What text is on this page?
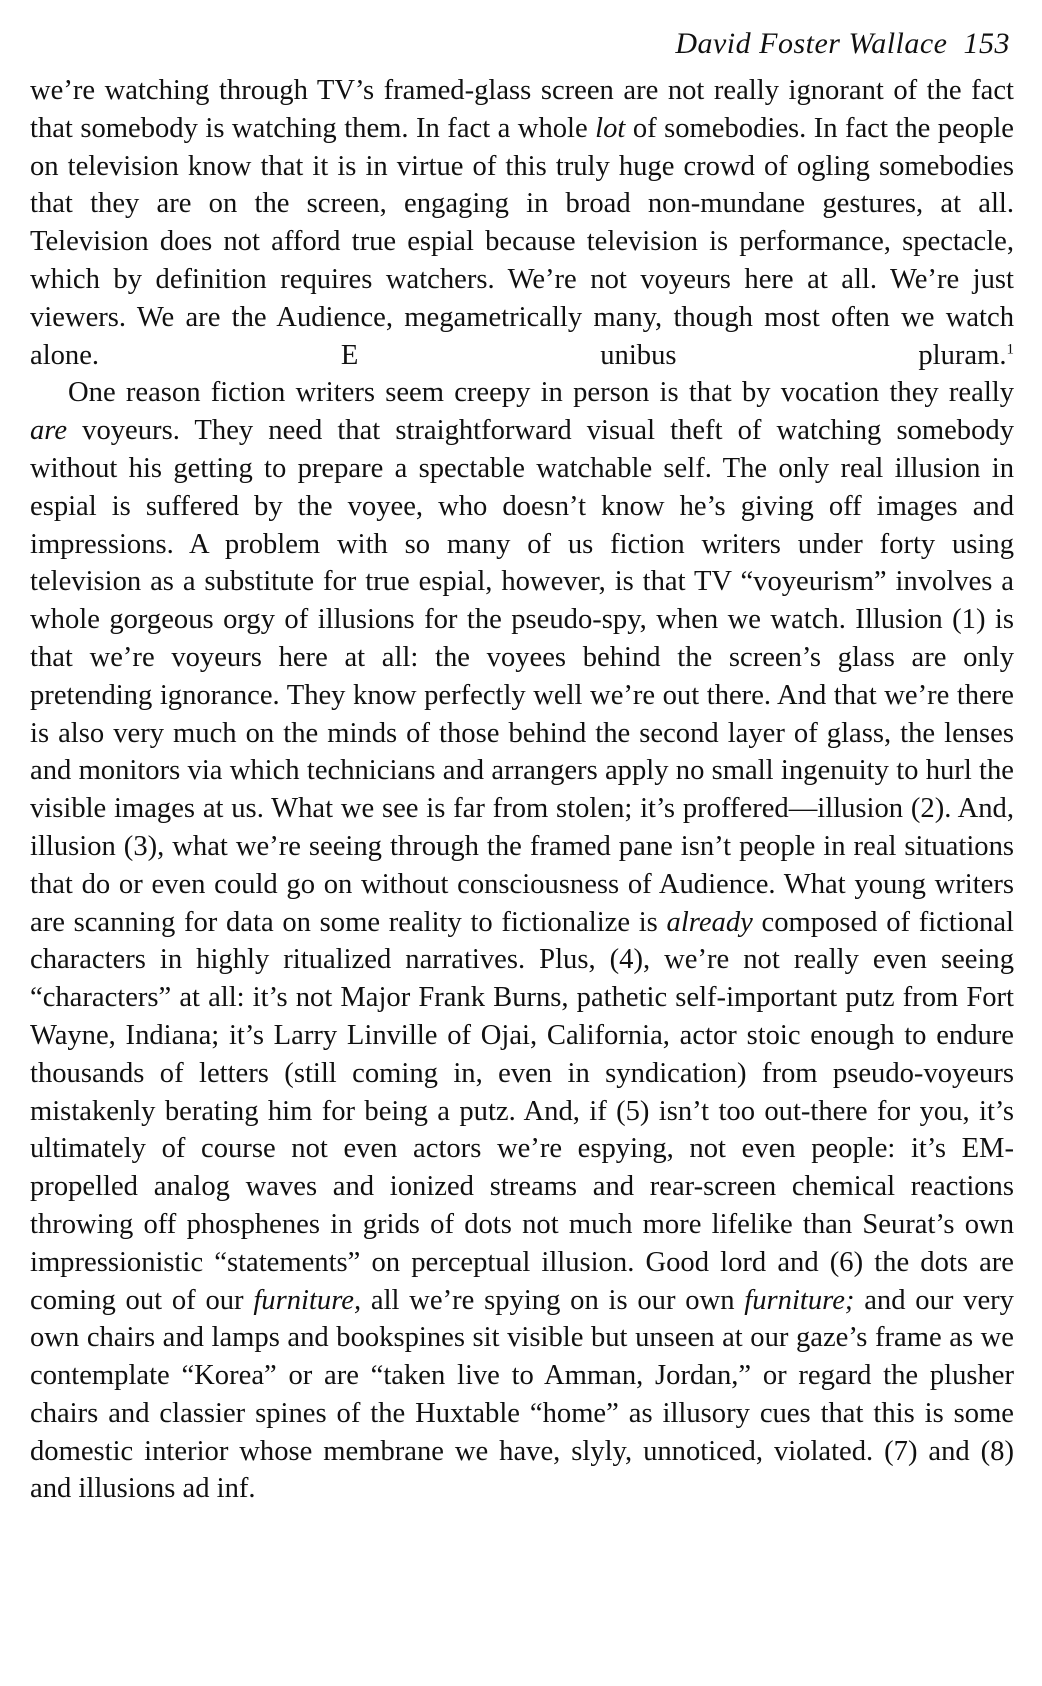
David Foster Wallace 153

we’re watching through TV’s framed-glass screen are not really ignorant of the fact that somebody is watching them. In fact a whole lot of somebodies. In fact the people on television know that it is in virtue of this truly huge crowd of ogling somebodies that they are on the screen, engaging in broad non-mundane gestures, at all. Television does not afford true espial because television is performance, spectacle, which by definition requires watchers. We’re not voyeurs here at all. We’re just viewers. We are the Audience, megametrically many, though most often we watch alone. E unibus pluram.$^1$

One reason fiction writers seem creepy in person is that by vocation they really are voyeurs. They need that straightforward visual theft of watching somebody without his getting to prepare a spectable watchable self. The only real illusion in espial is suffered by the voyee, who doesn’t know he’s giving off images and impressions. A problem with so many of us fiction writers under forty using television as a substitute for true espial, however, is that TV “voyeurism” involves a whole gorgeous orgy of illusions for the pseudo-spy, when we watch. Illusion (1) is that we’re voyeurs here at all: the voyees behind the screen’s glass are only pretending ignorance. They know perfectly well we’re out there. And that we’re there is also very much on the minds of those behind the second layer of glass, the lenses and monitors via which technicians and arrangers apply no small ingenuity to hurl the visible images at us. What we see is far from stolen; it’s proffered—illusion (2). And, illusion (3), what we’re seeing through the framed pane isn’t people in real situations that do or even could go on without consciousness of Audience. What young writers are scanning for data on some reality to fictionalize is already composed of fictional characters in highly ritualized narratives. Plus, (4), we’re not really even seeing “characters” at all: it’s not Major Frank Burns, pathetic self-important putz from Fort Wayne, Indiana; it’s Larry Linville of Ojai, California, actor stoic enough to endure thousands of letters (still coming in, even in syndication) from pseudo-voyeurs mistakenly berating him for being a putz. And, if (5) isn’t too out-there for you, it’s ultimately of course not even actors we’re espying, not even people: it’s EM-propelled analog waves and ionized streams and rear-screen chemical reactions throwing off phosphenes in grids of dots not much more lifelike than Seurat’s own impressionistic “statements” on perceptual illusion. Good lord and (6) the dots are coming out of our furniture, all we’re spying on is our own furniture; and our very own chairs and lamps and bookspines sit visible but unseen at our gaze’s frame as we contemplate “Korea” or are “taken live to Amman, Jordan,” or regard the plusher chairs and classier spines of the Huxtable “home” as illusory cues that this is some domestic interior whose membrane we have, slyly, unnoticed, violated. (7) and (8) and illusions ad inf.
